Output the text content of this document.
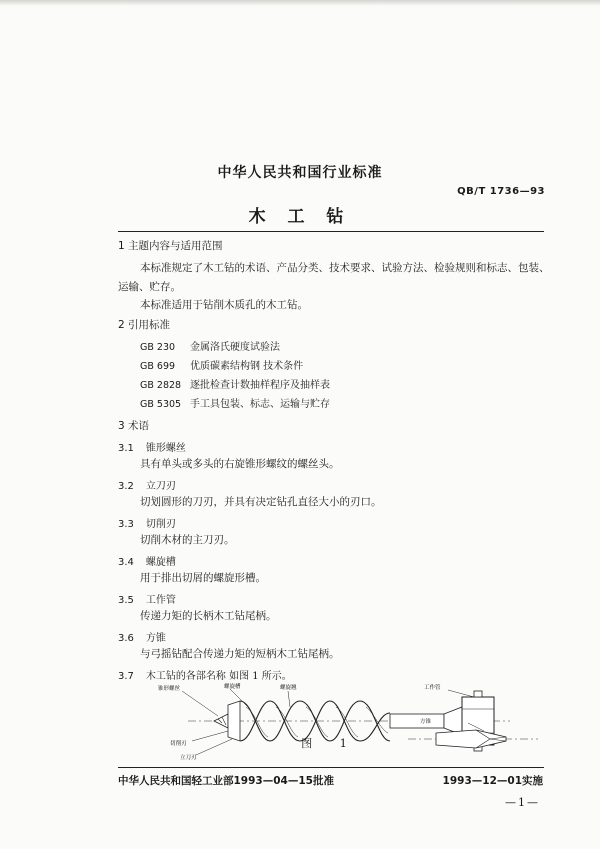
中华人民共和国行业标准
QB/T 1736—93
木 工 钻
1 主题内容与适用范围
本标准规定了木工钻的术语、产品分类、技术要求、试验方法、检验规则和标志、包装、
运输、贮存。
本标准适用于钻削木质孔的木工钻。
2 引用标准
GB 230 金属洛氏硬度试验法
GB 699 优质碳素结构钢 技术条件
GB 2828 逐批检查计数抽样程序及抽样表
GB 5305 手工具包装、标志、运输与贮存
3 术语
3.1 锥形螺丝
具有单头或多头的右旋锥形螺纹的螺丝头。
3.2 立刀刃
切划圆形的刀刃，并具有决定钻孔直径大小的刃口。
3.3 切削刃
切削木材的主刀刃。
3.4 螺旋槽
用于排出切屑的螺旋形槽。
3.5 工作管
传递力矩的长柄木工钻尾柄。
3.6 方锥
与弓摇钻配合传递力矩的短柄木工钻尾柄。
3.7 木工钻的各部名称 如图 1 所示。
锥形螺丝	螺旋槽	螺旋翘	工作管
切削刃
立刀刃
方锥
图 1
中华人民共和国轻工业部1993—04—15批准	1993—12—01实施
—1—
